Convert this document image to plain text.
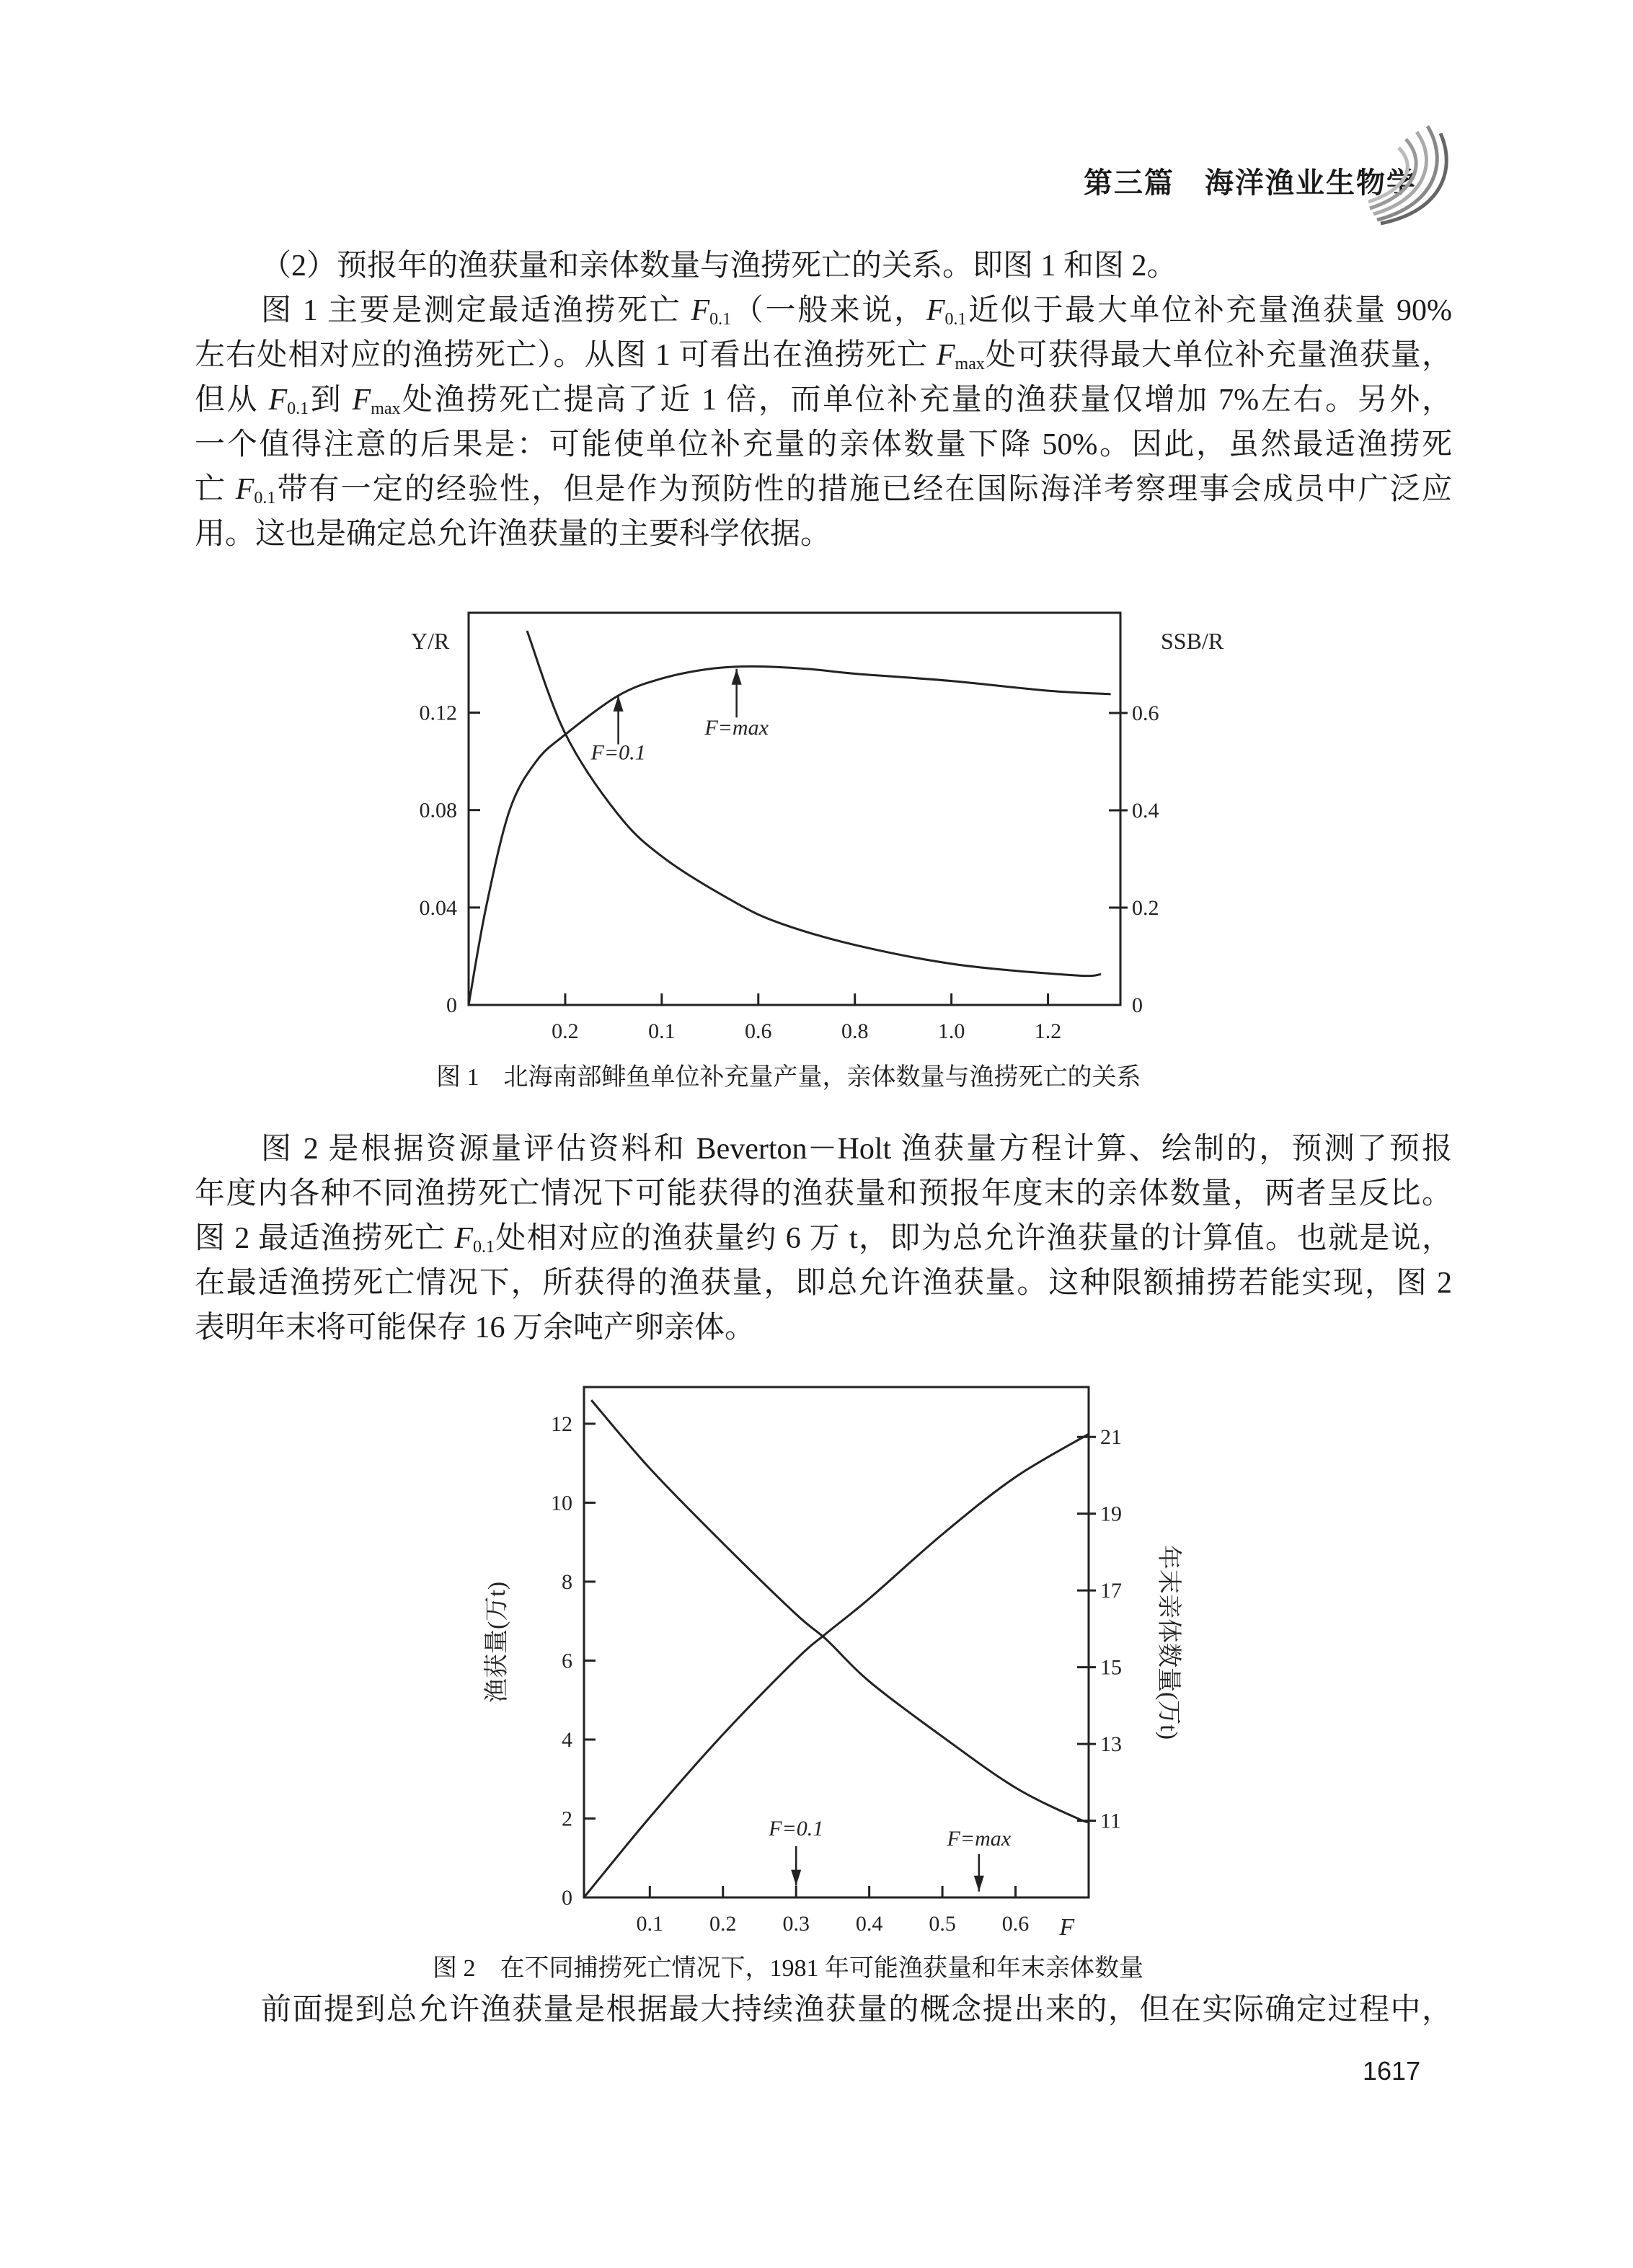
第三篇　海洋渔业生物学
（2）预报年的渔获量和亲体数量与渔捞死亡的关系。即图 1 和图 2。
图 1 主要是测定最适渔捞死亡 F0.1（一般来说，F0.1近似于最大单位补充量渔获量 90%
左右处相对应的渔捞死亡）。从图 1 可看出在渔捞死亡 Fmax处可获得最大单位补充量渔获量，
但从 F0.1到 Fmax处渔捞死亡提高了近 1 倍，而单位补充量的渔获量仅增加 7%左右。另外，
一个值得注意的后果是：可能使单位补充量的亲体数量下降 50%。因此，虽然最适渔捞死
亡 F0.1带有一定的经验性，但是作为预防性的措施已经在国际海洋考察理事会成员中广泛应
用。这也是确定总允许渔获量的主要科学依据。
0.2	0.1	0.6	0.8	1.0	1.2
0
0.04
0.08
0.12
0
0.2
0.4
0.6
Y/R	SSB/R
F=0.1
F=max
图 1　北海南部鲱鱼单位补充量产量，亲体数量与渔捞死亡的关系
图 2 是根据资源量评估资料和 Beverton－Holt 渔获量方程计算、绘制的，预测了预报
年度内各种不同渔捞死亡情况下可能获得的渔获量和预报年度末的亲体数量，两者呈反比。
图 2 最适渔捞死亡 F0.1处相对应的渔获量约 6 万 t，即为总允许渔获量的计算值。也就是说，
在最适渔捞死亡情况下，所获得的渔获量，即总允许渔获量。这种限额捕捞若能实现，图 2
表明年末将可能保存 16 万余吨产卵亲体。
0.1 0.2 0.3 0.4 0.5 0.6
0
2
4
6
8
10
12
11
13
15
17
19
21
渔获量(万t)	年末亲体数量(万t)
F
F=0.1	F=max
图 2　在不同捕捞死亡情况下，1981 年可能渔获量和年末亲体数量
前面提到总允许渔获量是根据最大持续渔获量的概念提出来的，但在实际确定过程中，
1617
